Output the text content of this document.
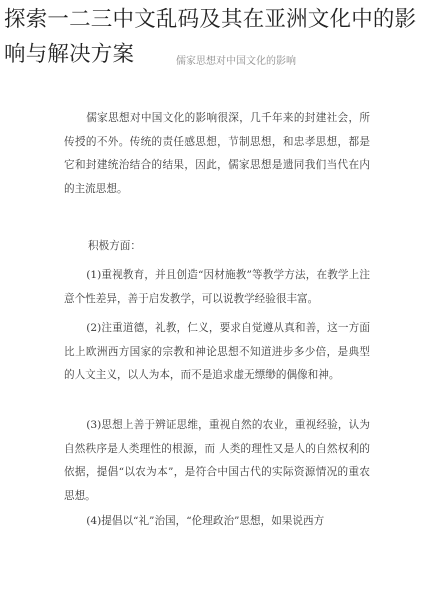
探索一二三中文乱码及其在亚洲文化中的影响与解决方案	儒家思想对中国文化的影响

儒家思想对中国文化的影响很深，几千年来的封建社会，所传授的不外。传统的责任感思想，节制思想，和忠孝思想，都是它和封建统治结合的结果，因此，儒家思想是遗同我们当代在内的主流思想。

积极方面：

(1)重视教育，并且创造“因材施教”等教学方法，在教学上注意个性差异，善于启发教学，可以说教学经验很丰富。

(2)注重道德，礼教，仁义，要求自觉遵从真和善，这一方面比上欧洲西方国家的宗教和神论思想不知道进步多少倍，是典型的人文主义，以人为本，而不是追求虚无缥缈的偶像和神。

(3)思想上善于辨证思维，重视自然的农业，重视经验，认为自然秩序是人类理性的根源，而 人类的理性又是人的自然权利的依据，提倡“以农为本”，是符合中国古代的实际资源情况的重农思想。

(4)提倡以“礼”治国，“伦理政治”思想，如果说西方
